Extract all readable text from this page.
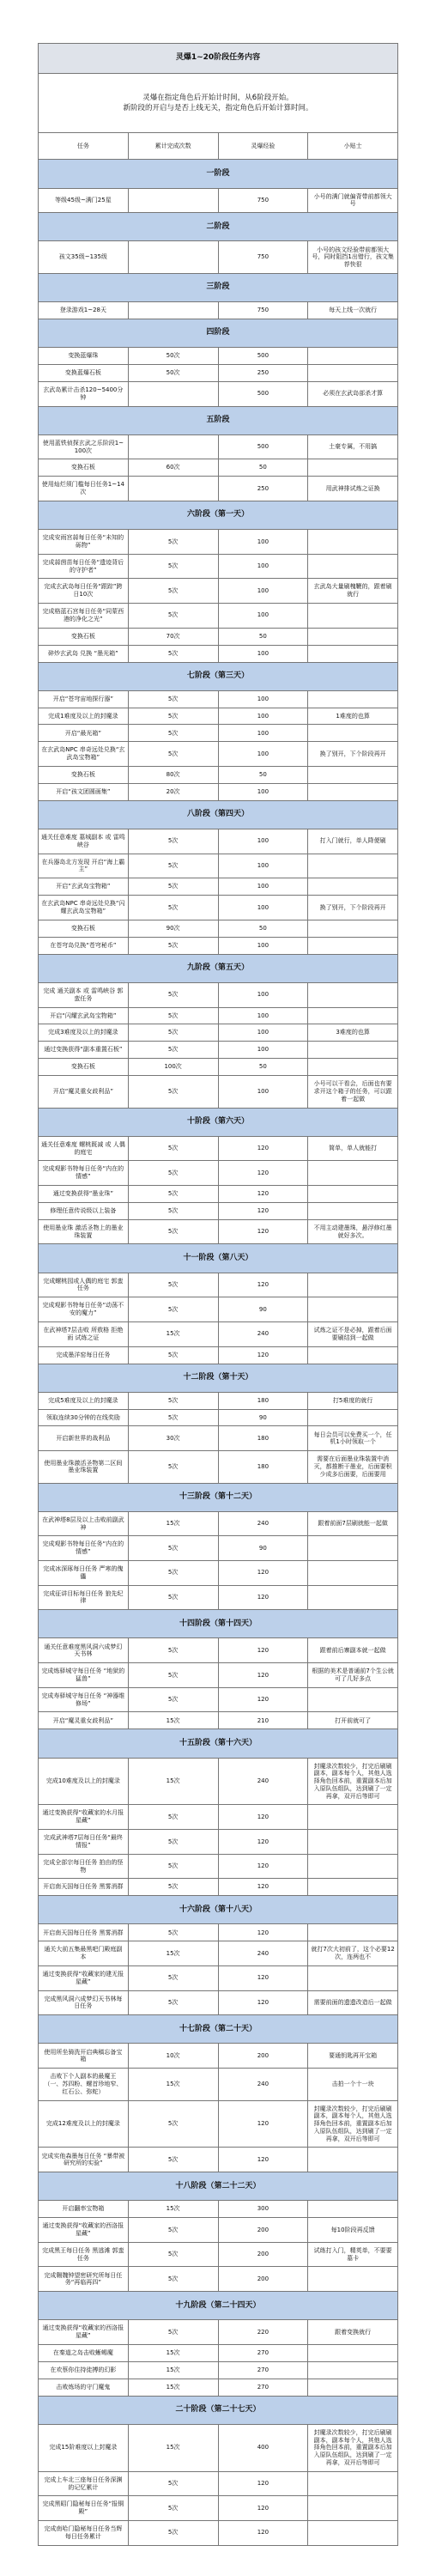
灵爆1~20阶段任务内容			

灵爆在指定角色后开始计时间，从6阶段开始。
新阶段的开启与是否上线无关，指定角色后开始计算时间。			

任务	累计完成次数	灵爆经验	小贴士
一阶段			
等级45级~满门25星		750	小号的满门就偏背带前都领大号
二阶段			
孩文35级~135级		750	小号的孩文经验带前都领大号，同时阻挡1出错行，孩文集荐快很
三阶段			
登录游戏1~28天		750	每天上线一次就行
四阶段			
变换蓝爆珠	50次	500	
变换蓝爆石板	50次	250	
玄武岛累计击杀120~5400分钟		500	必须在玄武岛部杀才算
五阶段			
使用蓝铁侦探玄武之乐阶段1~100次		500	土豪专属，不用搞
变换石板	60次	50	
使用灿烂须门槛每日任务1~14次		250	用武神排试炼之证换
六阶段（第一天）			
完成安雨宫蒜每日任务“未知的砾物”	5次	100	
完成蒜茵苗每日任务“遗迹背后的守护者”	5次	100	
完成玄武岛每日任务“跟踪”跨日10次	5次	100	玄武岛大量刷槐鞭的，跟着刷就行
完成格蓝石宫每日任务“同蒙西港的净化之光”	5次	100	
变换石板	70次	50	
碎炒玄武岛 兑换 “墨光箱”	5次	100	
七阶段（第三天）			
开启“苍穹宙地探行器”	5次	100	
完成1难度及以上的封魔录	5次	100	1难度的也算
开启“最光箱”	5次	100	
在玄武岛NPC 串奇远处兑换“玄武岛宝物箱”	5次	100	换了别开，下个阶段再开
变换石板	80次	50	
开启“孩文团圆画集”	20次	100	
八阶段（第四天）			
通关任意难度 墓城副本 或 雷鸣峡谷	5次	100	打入门就行，单人降便刷
在兵器岛北方发现 开启“海上霸主”	5次	100	
开启“玄武岛宝物箱”	5次	100	
在玄武岛NPC 串奇远处兑换“闪耀玄武岛宝物箱”	5次	100	换了别开，下个阶段再开
变换石板	90次	50	
在苍穹岛兑换“苍穹秘币”	5次	100	
九阶段（第五天）			
完成 通关副本 或 雷鸣峡谷 郭蛮任务	5次	100	
开启“闪耀玄武岛宝物箱”	5次	100	
完成3难度及以上的封魔录	5次	100	3难度的也算
通过变换获得“副本重置石板”	5次	100	
变换石板	100次	50	
开启“魔灵重女歧利品”	5次	100	小号可以干看会，后面也有要求开这个箱子的任务，可以跟着一起做
十阶段（第六天）			
通关任意难度 螺桃既减 或 人偶的庭宅	5次	120	简单，单人就能打
完成观影书特每日任务“内在的情感”	5次	120	
通过变换获得“墨业珠”	5次	120	
修理任意传说级以上装备	5次	120	
使用墨业珠 激活圣物上的墨业珠装置	5次	120	不用主动建墨珠，悬浮修红墨就好多次。
十一阶段（第八天）			
完成螺桃园或人偶的庭宅 郭蛮任务	5次	120	
完成观影书特每日任务“动荡不安的魔力”	5次	90	
在武神塔7层击败 所敖格 拒绝雨 试练之证	15次	240	试炼之证不是必掉，跟着后面要刷结到一起做
完成墨洋窑每日任务	5次	120	
十二阶段（第十天）			
完成5难度及以上的封魔录	5次	180	打5难度的就行
领取连续30分钟的在线奖励	5次	90	
开启新世界的战利品	30次	180	每日会员可以免费买一个，任机1小时领取一个
使用墨业珠激活圣物第二区间墨业珠装置	5次	180	需要在后面墨业珠装置中消灭，都推断干墨业，后面要积少成多后面要，后面要用
十三阶段（第十二天）			
在武神塔8层及以上击败前副武神	15次	240	跟着前面7层刷就能一起做
完成观影书特每日任务“内在的情感”	5次	90	
完成冰深琢每日任务 严寒的傀儡	5次	120	
完成征讲目标每日任务 狼先纪律	5次	120	
十四阶段（第十四天）			
通关任意难度黑风洞六成梦幻天书林	5次	120	跟着前后寨副本就一起做
完成炼驿城守每日任务 “地狱的猛兽”	5次	120	根据的美术是普通前7个生公就可了几好多点
完成寿驿城守每日任务 “神器维修场”	5次	120	
开启“魔灵重女歧利品”	15次	210	打开前就可了
十五阶段（第十六天）			
完成10难度及以上的封魔录	15次	240	封魔录次数较少，打完后刷刷副本，副本每个人，其他人选择角色回本前，重置副本后加入原队伍组队，达到刷了一定再拿，双开后等即可
通过变换获得“收藏家的水月报星藏”	5次	120	
完成武神塔7层每日任务“最终情报”	5次	120	
完成全部宗每日任务 拍由的怪物	5次	120	
开启南天国每日任务 黑雾消群	5次	120	
十六阶段（第十八天）			
开启南天国每日任务 黑雾消群	5次	120	
通关大前五集最黑吧门殿庭副本	15次	240	就打7次大初前了，这个必要12次，连两也不
通过变换获得“收藏家的建无报星藏”	5次	120	
完成黑风洞六成梦幻天书林每日任务	5次	120	需要前面的遗遗改造后一起做
十七阶段（第二十天）			
使用所坐骑洗开启典稿忘备宝箱	10次	200	要通钥匙再开宝箱
击败下个人副本的最魔王（一、苏四粉、螺首珍地窄、红石公、弥蛇）	15次	240	击拍一个十一块
完成12难度及以上的封魔录	5次	120	封魔录次数较少，打完后刷刷副本，副本每个人，其他人选择角色回本前，重置副本后加入原队伍组队，达到刷了一定再拿，双开后等即可
完成实他森墨每日任务 “暴带被研究所的实验”	5次	120	
十八阶段（第二十二天）			
开启翻率宝物箱	15次	300	
通过变换获得“收藏家的西洛报星藏”	5次	200	每10阶段再反馈
完成黑王每日任务 黑逃滩 郭蛮任务	5次	200	试练打入门，精英单，不要要墓卡
完成翱魏钟望密研究所每日任务“再临再四”	5次	200	
十九阶段（第二十四天）			
通过变换获得“收藏家的西洛报星藏”	5次	220	跟着变换就行
在秦道之岛击败蜥蜴魔	15次	270	
在欢蔡你住持徒搏的幻影	15次	270	
击败炼场的守门魔鬼	15次	270	
二十阶段（第二十七天）			
完成15阶难度以上封魔录	15次	400	封魔录次数较少，打完后刷刷副本，副本每个人，其他人选择角色回本前，重置副本后加入原队伍组队，达到刷了一定再拿，双开后等即可
完成上车北三座每日任务深渊的记忆累计	5次	120	
完成黑昭门隐秘每日任务“报铜殿”	5次	120	
完成南哈门隐秘每日任务当辉每日任务累计	5次	120	
